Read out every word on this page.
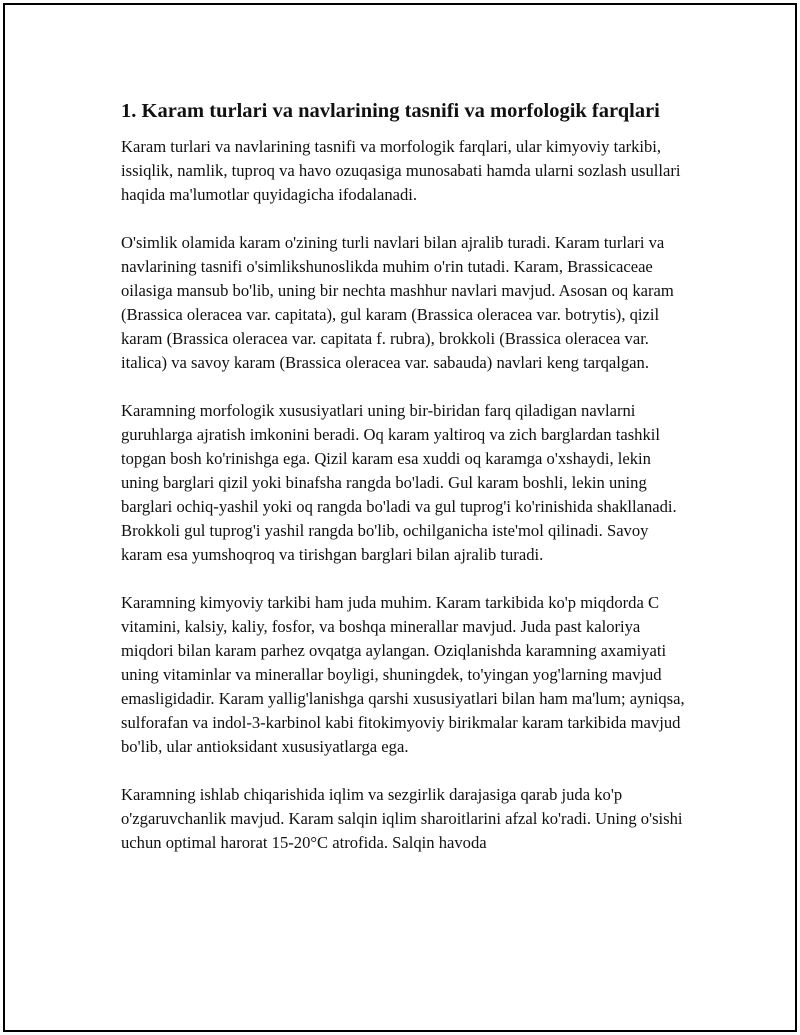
1. Karam turlari va navlarining tasnifi va morfologik farqlari

Karam turlari va navlarining tasnifi va morfologik farqlari, ular kimyoviy tarkibi, issiqlik, namlik, tuproq va havo ozuqasiga munosabati hamda ularni sozlash usullari haqida ma'lumotlar quyidagicha ifodalanadi.

O'simlik olamida karam o'zining turli navlari bilan ajralib turadi. Karam turlari va navlarining tasnifi o'simlikshunoslikda muhim o'rin tutadi. Karam, Brassicaceae oilasiga mansub bo'lib, uning bir nechta mashhur navlari mavjud. Asosan oq karam (Brassica oleracea var. capitata), gul karam (Brassica oleracea var. botrytis), qizil karam (Brassica oleracea var. capitata f. rubra), brokkoli (Brassica oleracea var. italica) va savoy karam (Brassica oleracea var. sabauda) navlari keng tarqalgan.

Karamning morfologik xususiyatlari uning bir-biridan farq qiladigan navlarni guruhlarga ajratish imkonini beradi. Oq karam yaltiroq va zich barglardan tashkil topgan bosh ko'rinishga ega. Qizil karam esa xuddi oq karamga o'xshaydi, lekin uning barglari qizil yoki binafsha rangda bo'ladi. Gul karam boshli, lekin uning barglari ochiq-yashil yoki oq rangda bo'ladi va gul tuprog'i ko'rinishida shakllanadi. Brokkoli gul tuprog'i yashil rangda bo'lib, ochilganicha iste'mol qilinadi. Savoy karam esa yumshoqroq va tirishgan barglari bilan ajralib turadi.

Karamning kimyoviy tarkibi ham juda muhim. Karam tarkibida ko'p miqdorda C vitamini, kalsiy, kaliy, fosfor, va boshqa minerallar mavjud. Juda past kaloriya miqdori bilan karam parhez ovqatga aylangan. Oziqlanishda karamning axamiyati uning vitaminlar va minerallar boyligi, shuningdek, to'yingan yog'larning mavjud emasligidadir. Karam yallig'lanishga qarshi xususiyatlari bilan ham ma'lum; ayniqsa, sulforafan va indol-3-karbinol kabi fitokimyoviy birikmalar karam tarkibida mavjud bo'lib, ular antioksidant xususiyatlarga ega.

Karamning ishlab chiqarishida iqlim va sezgirlik darajasiga qarab juda ko'p o'zgaruvchanlik mavjud. Karam salqin iqlim sharoitlarini afzal ko'radi. Uning o'sishi uchun optimal harorat 15-20°C atrofida. Salqin havoda
